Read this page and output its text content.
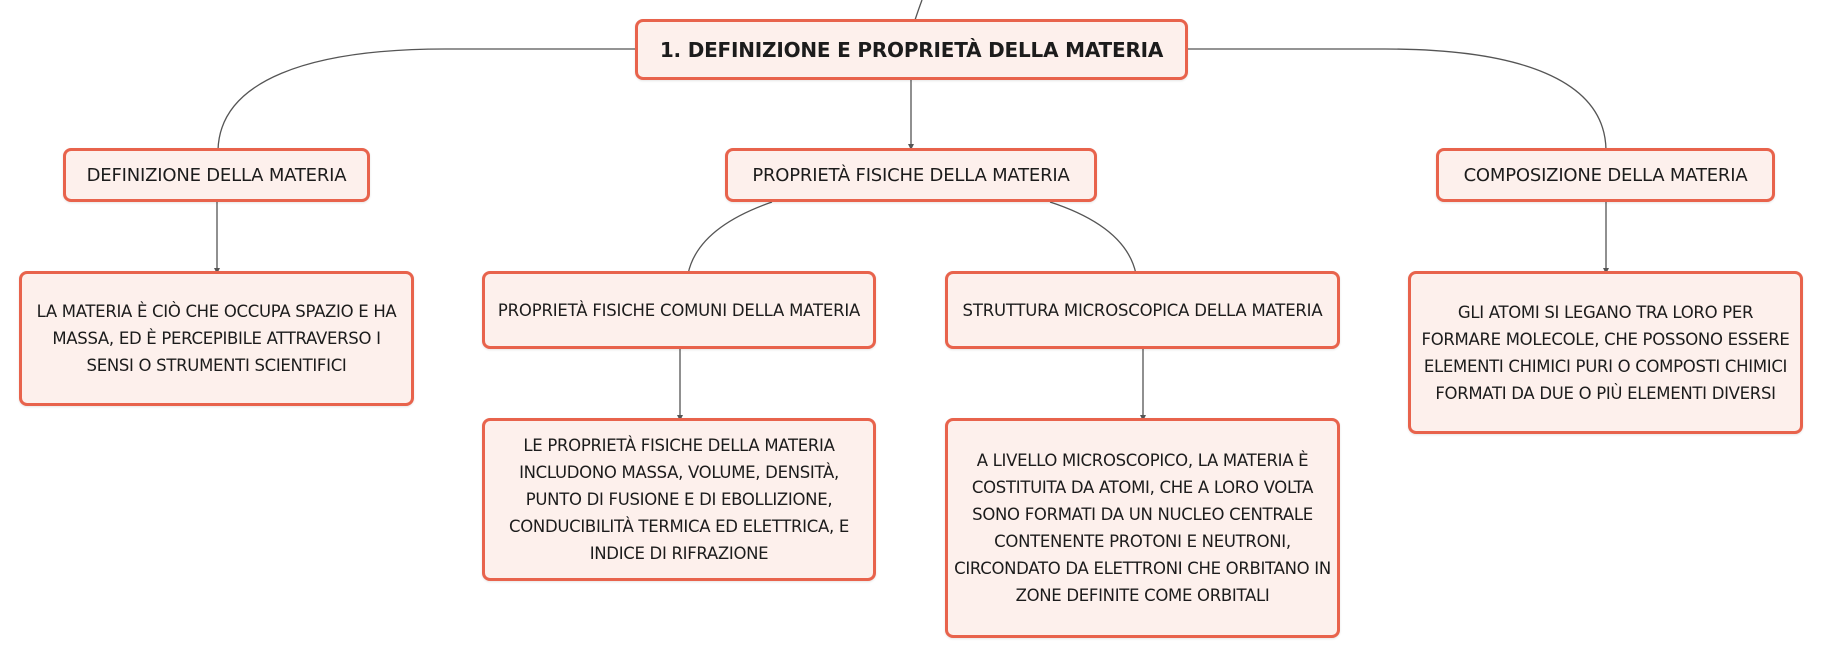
1. DEFINIZIONE E PROPRIETÀ DELLA MATERIA
DEFINIZIONE DELLA MATERIA	PROPRIETÀ FISICHE DELLA MATERIA	COMPOSIZIONE DELLA MATERIA
LA MATERIA È CIÒ CHE OCCUPA SPAZIO E HA MASSA, ED È PERCEPIBILE ATTRAVERSO I SENSI O STRUMENTI SCIENTIFICI
PROPRIETÀ FISICHE COMUNI DELLA MATERIA	STRUTTURA MICROSCOPICA DELLA MATERIA	GLI ATOMI SI LEGANO TRA LORO PER FORMARE MOLECOLE, CHE POSSONO ESSERE ELEMENTI CHIMICI PURI O COMPOSTI CHIMICI FORMATI DA DUE O PIÙ ELEMENTI DIVERSI
LE PROPRIETÀ FISICHE DELLA MATERIA INCLUDONO MASSA, VOLUME, DENSITÀ, PUNTO DI FUSIONE E DI EBOLLIZIONE, CONDUCIBILITÀ TERMICA ED ELETTRICA, E INDICE DI RIFRAZIONE
A LIVELLO MICROSCOPICO, LA MATERIA È COSTITUITA DA ATOMI, CHE A LORO VOLTA SONO FORMATI DA UN NUCLEO CENTRALE CONTENENTE PROTONI E NEUTRONI, CIRCONDATO DA ELETTRONI CHE ORBITANO IN ZONE DEFINITE COME ORBITALI
